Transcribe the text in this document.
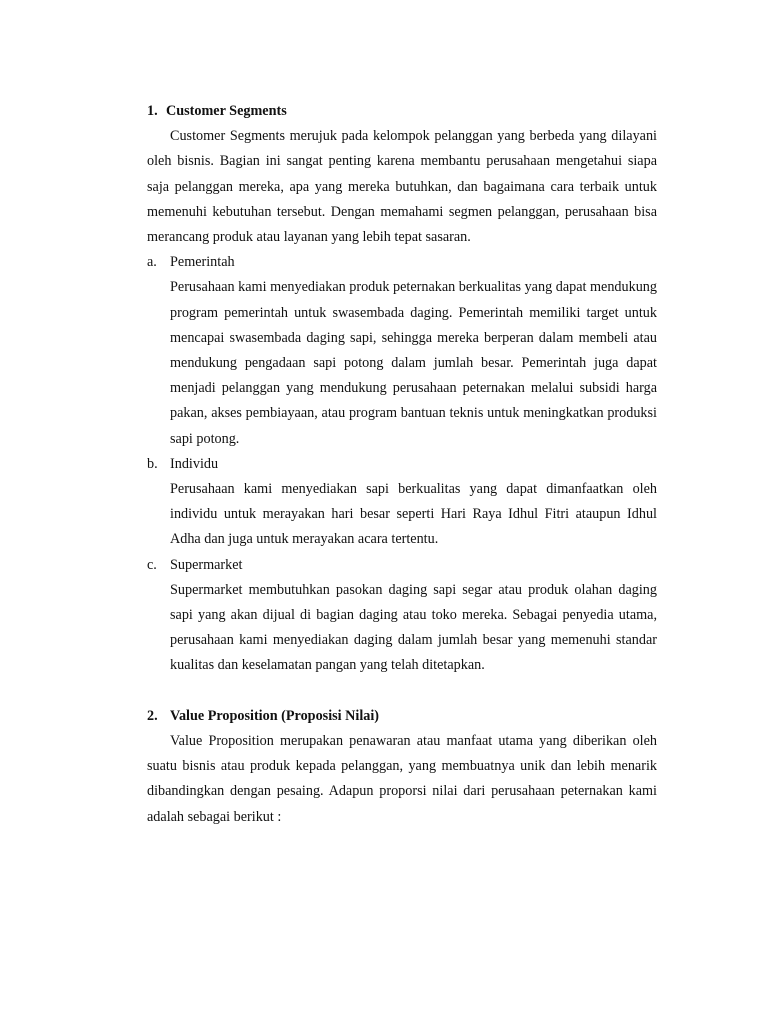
1. Customer Segments

Customer Segments merujuk pada kelompok pelanggan yang berbeda yang dilayani oleh bisnis. Bagian ini sangat penting karena membantu perusahaan mengetahui siapa saja pelanggan mereka, apa yang mereka butuhkan, dan bagaimana cara terbaik untuk memenuhi kebutuhan tersebut. Dengan memahami segmen pelanggan, perusahaan bisa merancang produk atau layanan yang lebih tepat sasaran.

a. Pemerintah

Perusahaan kami menyediakan produk peternakan berkualitas yang dapat mendukung program pemerintah untuk swasembada daging. Pemerintah memiliki target untuk mencapai swasembada daging sapi, sehingga mereka berperan dalam membeli atau mendukung pengadaan sapi potong dalam jumlah besar. Pemerintah juga dapat menjadi pelanggan yang mendukung perusahaan peternakan melalui subsidi harga pakan, akses pembiayaan, atau program bantuan teknis untuk meningkatkan produksi sapi potong.

b. Individu

Perusahaan kami menyediakan sapi berkualitas yang dapat dimanfaatkan oleh individu untuk merayakan hari besar seperti Hari Raya Idhul Fitri ataupun Idhul Adha dan juga untuk merayakan acara tertentu.

c. Supermarket

Supermarket membutuhkan pasokan daging sapi segar atau produk olahan daging sapi yang akan dijual di bagian daging atau toko mereka. Sebagai penyedia utama, perusahaan kami menyediakan daging dalam jumlah besar yang memenuhi standar kualitas dan keselamatan pangan yang telah ditetapkan.

2. Value Proposition (Proposisi Nilai)

Value Proposition merupakan penawaran atau manfaat utama yang diberikan oleh suatu bisnis atau produk kepada pelanggan, yang membuatnya unik dan lebih menarik dibandingkan dengan pesaing. Adapun proporsi nilai dari perusahaan peternakan kami adalah sebagai berikut :
